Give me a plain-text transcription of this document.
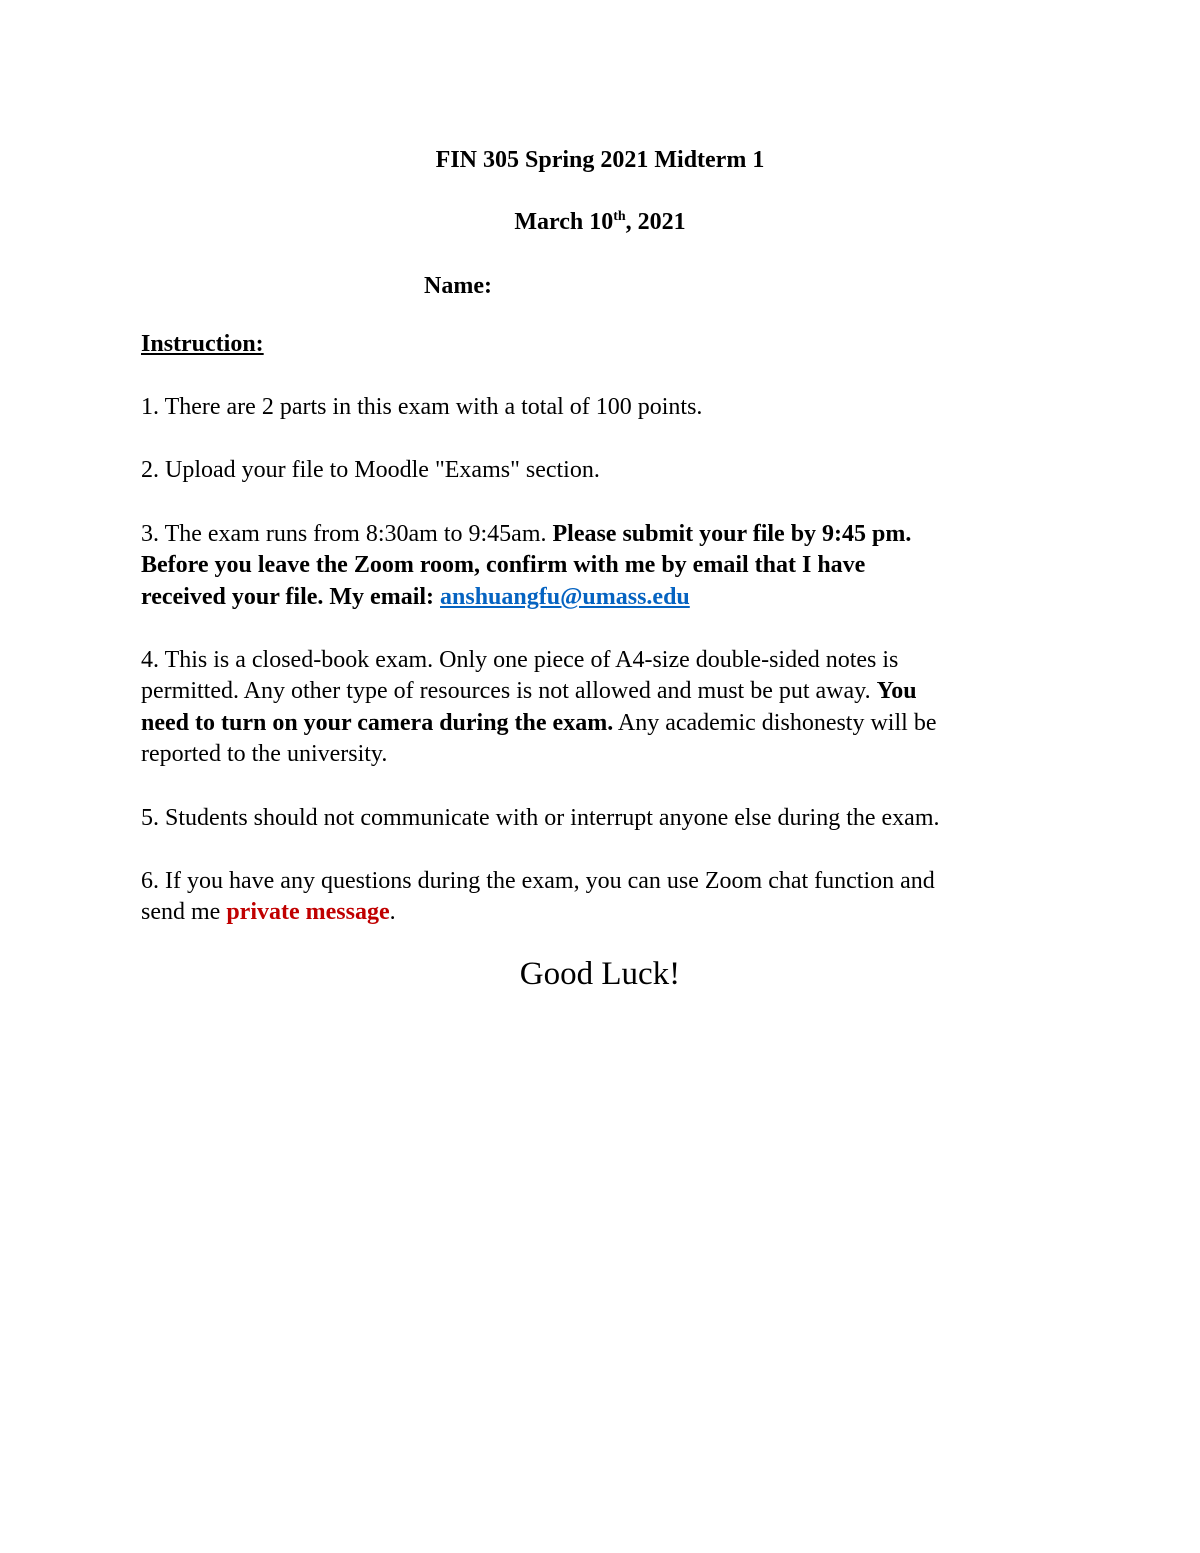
FIN 305 Spring 2021 Midterm 1
March 10th, 2021
Name:
Instruction:
1. There are 2 parts in this exam with a total of 100 points.
2. Upload your file to Moodle "Exams" section.
3. The exam runs from 8:30am to 9:45am. Please submit your file by 9:45 pm.
Before you leave the Zoom room, confirm with me by email that I have
received your file. My email: anshuangfu@umass.edu
4. This is a closed-book exam. Only one piece of A4-size double-sided notes is
permitted. Any other type of resources is not allowed and must be put away. You
need to turn on your camera during the exam. Any academic dishonesty will be
reported to the university.
5. Students should not communicate with or interrupt anyone else during the exam.
6. If you have any questions during the exam, you can use Zoom chat function and
send me private message.
Good Luck!
